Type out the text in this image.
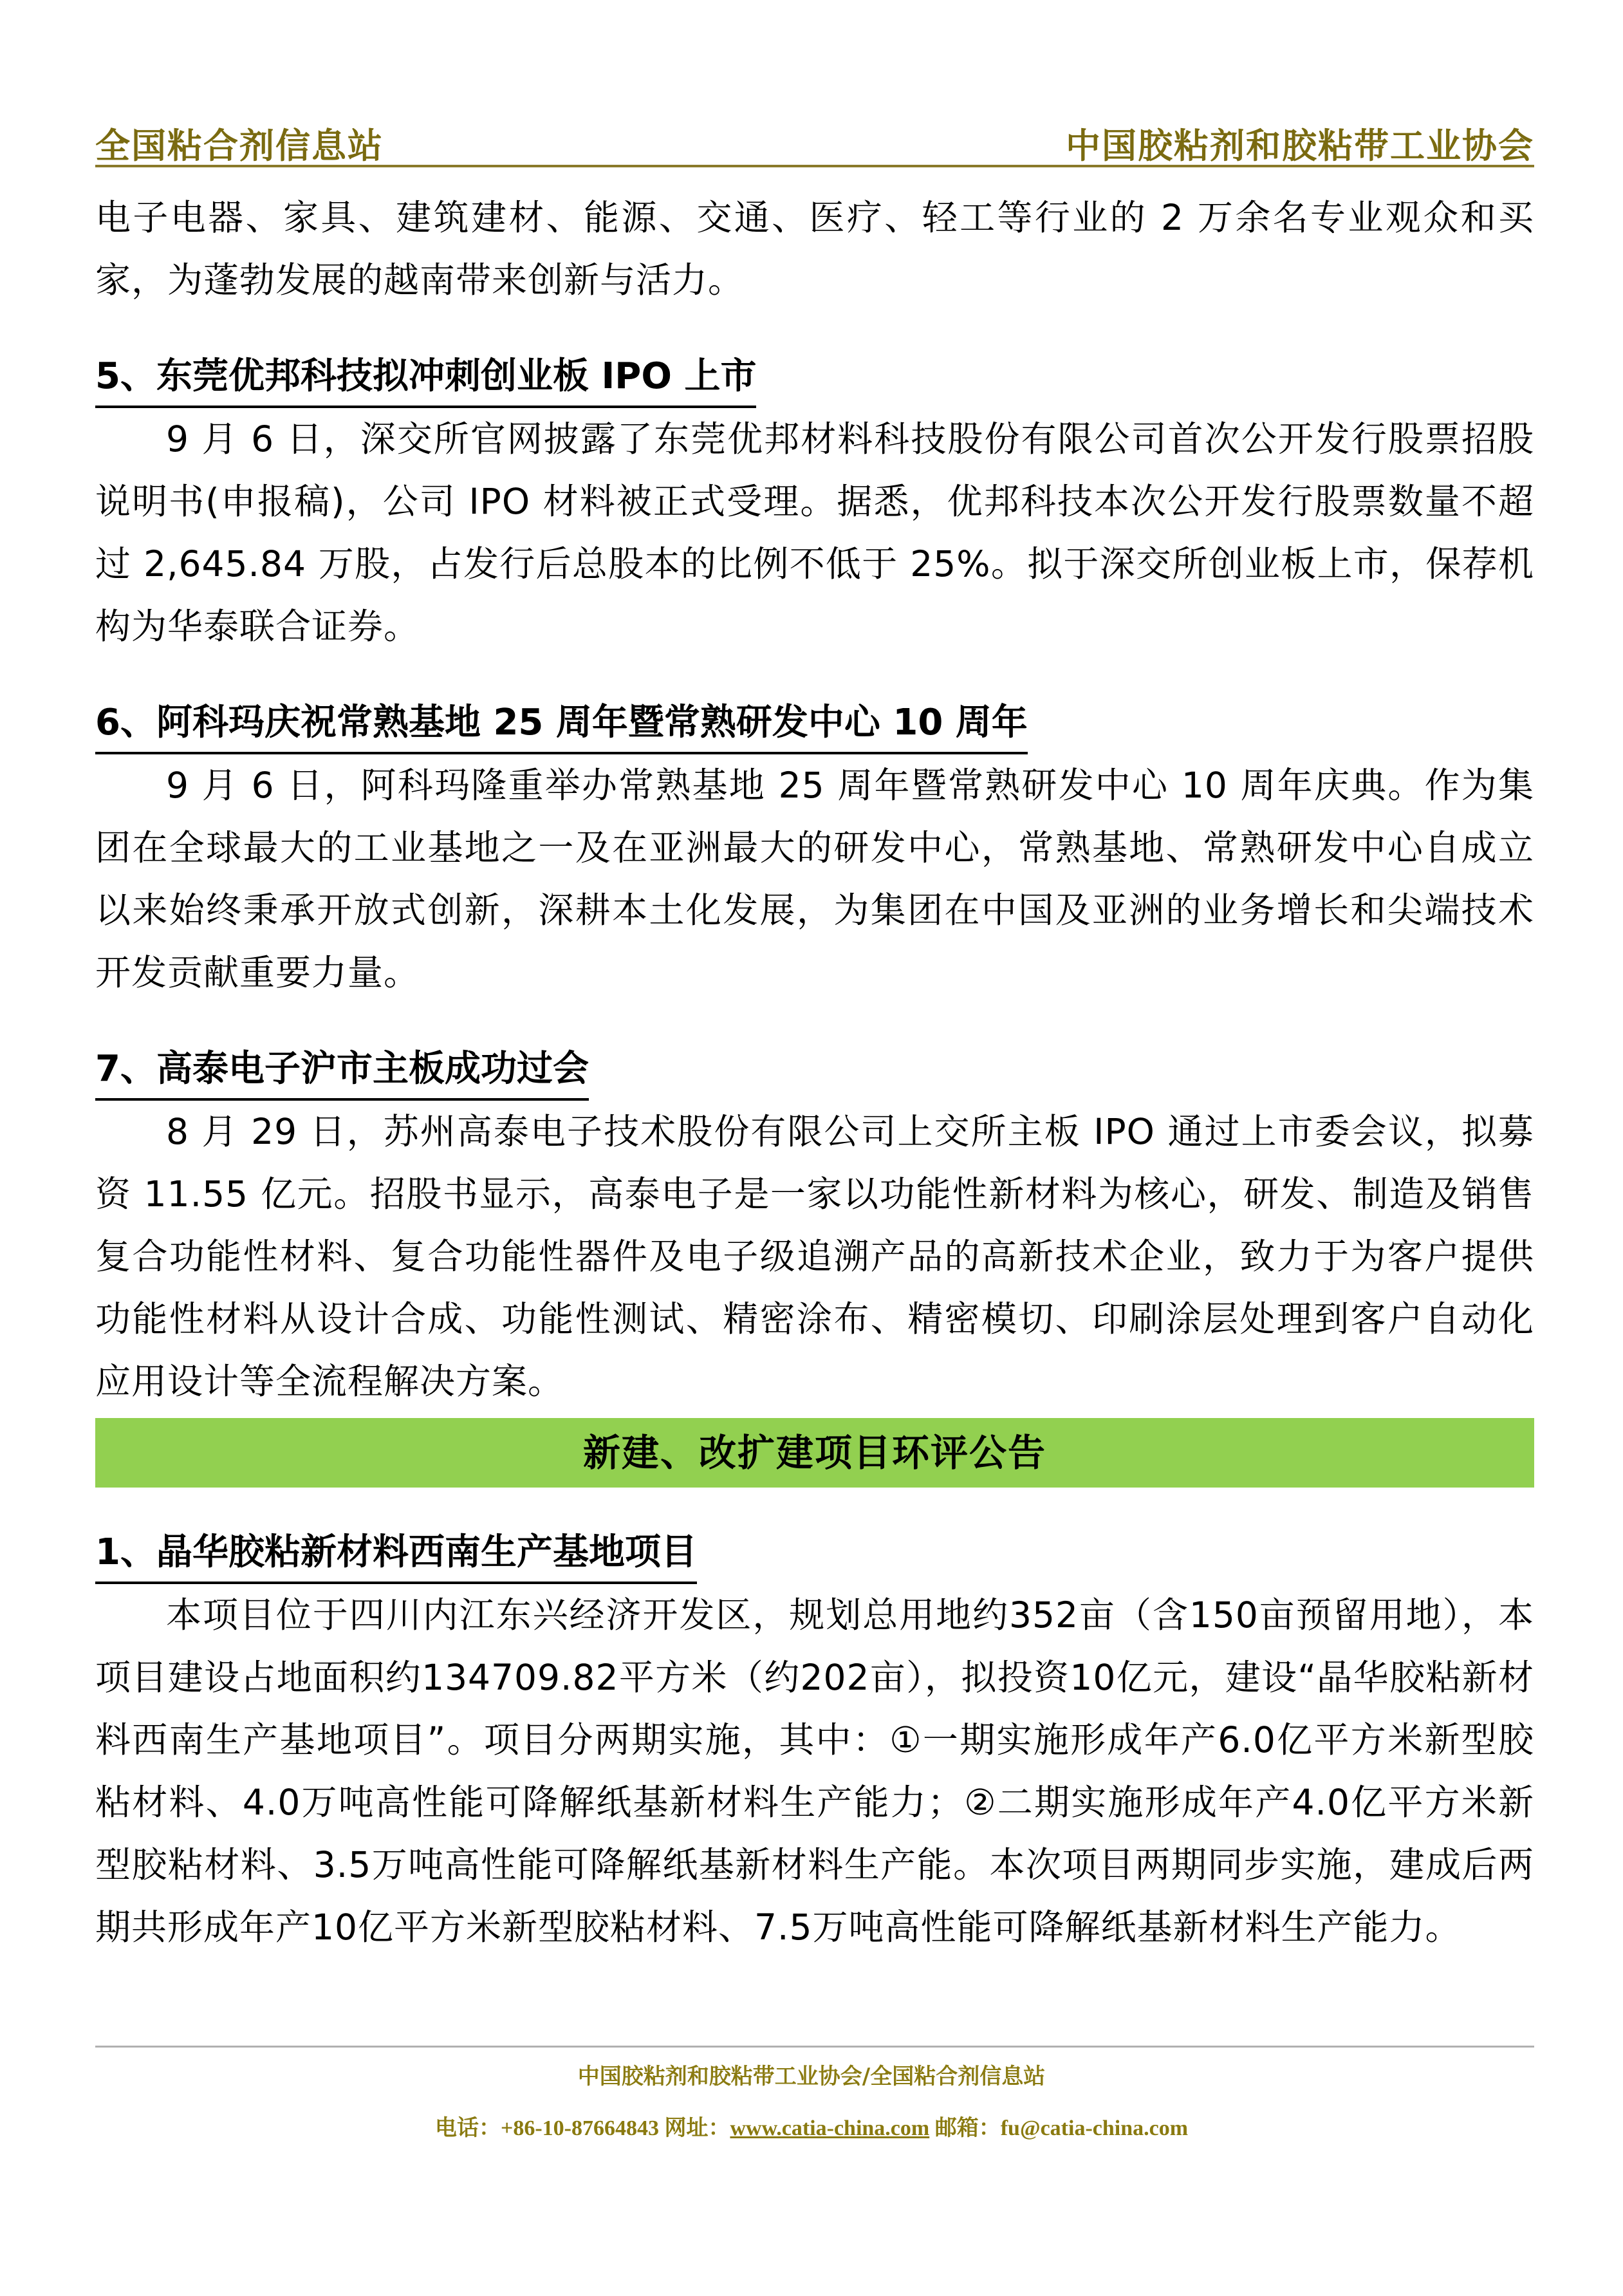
全国粘合剂信息站	中国胶粘剂和胶粘带工业协会

电子电器、家具、建筑建材、能源、交通、医疗、轻工等行业的 2 万余名专业观众和买家，为蓬勃发展的越南带来创新与活力。

5、东莞优邦科技拟冲刺创业板 IPO 上市

9 月 6 日，深交所官网披露了东莞优邦材料科技股份有限公司首次公开发行股票招股说明书(申报稿)，公司 IPO 材料被正式受理。据悉，优邦科技本次公开发行股票数量不超过 2,645.84 万股，占发行后总股本的比例不低于 25%。拟于深交所创业板上市，保荐机构为华泰联合证券。

6、阿科玛庆祝常熟基地 25 周年暨常熟研发中心 10 周年

9 月 6 日，阿科玛隆重举办常熟基地 25 周年暨常熟研发中心 10 周年庆典。作为集团在全球最大的工业基地之一及在亚洲最大的研发中心，常熟基地、常熟研发中心自成立以来始终秉承开放式创新，深耕本土化发展，为集团在中国及亚洲的业务增长和尖端技术开发贡献重要力量。

7、高泰电子沪市主板成功过会

8 月 29 日，苏州高泰电子技术股份有限公司上交所主板 IPO 通过上市委会议，拟募资 11.55 亿元。招股书显示，高泰电子是一家以功能性新材料为核心，研发、制造及销售复合功能性材料、复合功能性器件及电子级追溯产品的高新技术企业，致力于为客户提供功能性材料从设计合成、功能性测试、精密涂布、精密模切、印刷涂层处理到客户自动化应用设计等全流程解决方案。

新建、改扩建项目环评公告
1、晶华胶粘新材料西南生产基地项目

本项目位于四川内江东兴经济开发区，规划总用地约352亩（含150亩预留用地），本项目建设占地面积约134709.82平方米（约202亩），拟投资10亿元，建设“晶华胶粘新材料西南生产基地项目”。项目分两期实施，其中：①一期实施形成年产6.0亿平方米新型胶粘材料、4.0万吨高性能可降解纸基新材料生产能力；②二期实施形成年产4.0亿平方米新型胶粘材料、3.5万吨高性能可降解纸基新材料生产能。本次项目两期同步实施，建成后两期共形成年产10亿平方米新型胶粘材料、7.5万吨高性能可降解纸基新材料生产能力。

中国胶粘剂和胶粘带工业协会/全国粘合剂信息站
电话：+86-10-87664843 网址：www.catia-china.com 邮箱：fu@catia-china.com
